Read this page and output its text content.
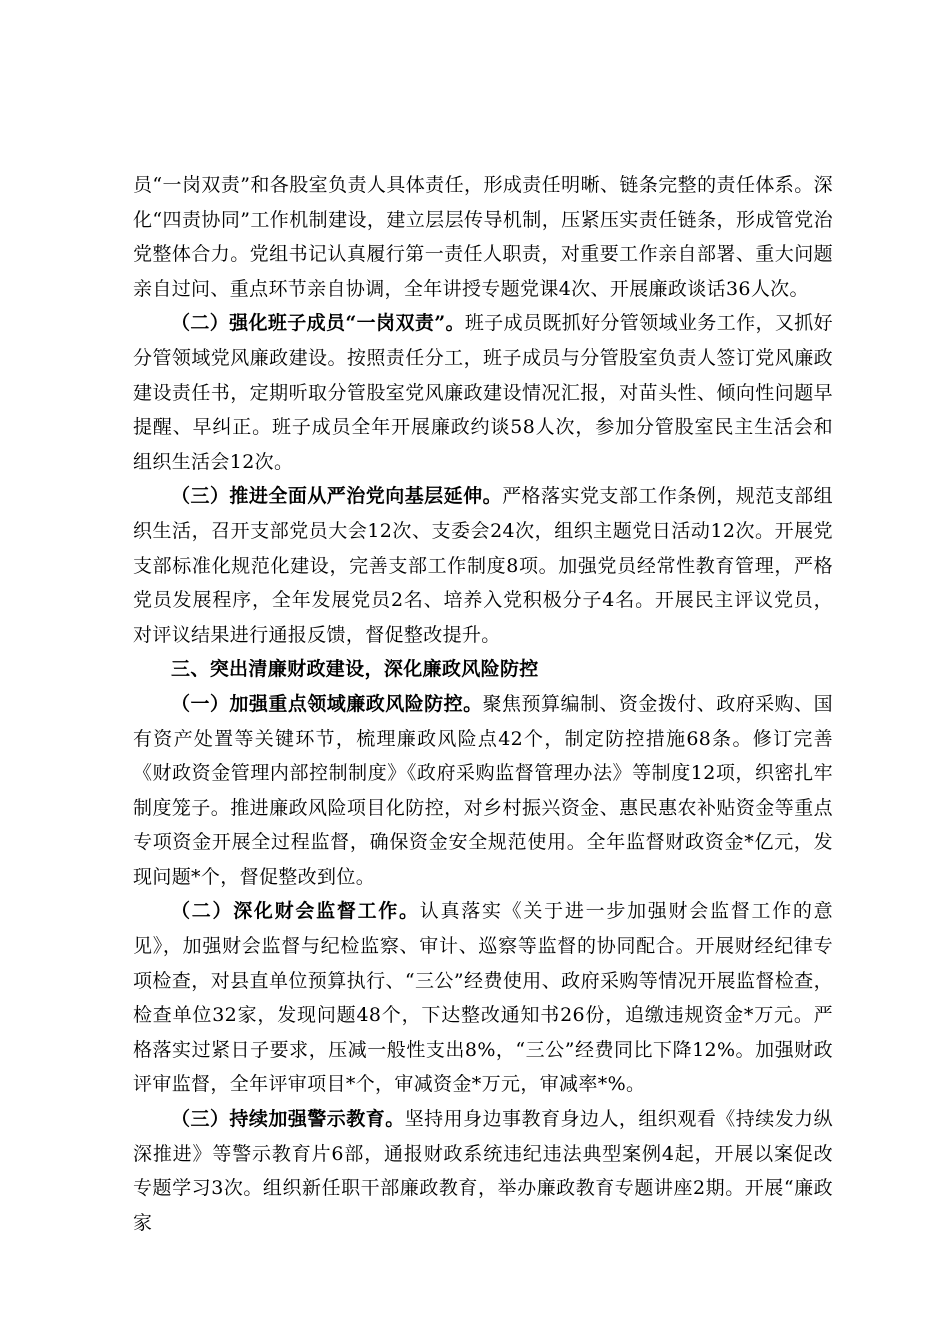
员“一岗双责”和各股室负责人具体责任，形成责任明晰、链条完整的责任体系。深化“四责协同”工作机制建设，建立层层传导机制，压紧压实责任链条，形成管党治党整体合力。党组书记认真履行第一责任人职责，对重要工作亲自部署、重大问题亲自过问、重点环节亲自协调，全年讲授专题党课4次、开展廉政谈话36人次。

（二）强化班子成员“一岗双责”。班子成员既抓好分管领域业务工作，又抓好分管领域党风廉政建设。按照责任分工，班子成员与分管股室负责人签订党风廉政建设责任书，定期听取分管股室党风廉政建设情况汇报，对苗头性、倾向性问题早提醒、早纠正。班子成员全年开展廉政约谈58人次，参加分管股室民主生活会和组织生活会12次。

（三）推进全面从严治党向基层延伸。严格落实党支部工作条例，规范支部组织生活，召开支部党员大会12次、支委会24次，组织主题党日活动12次。开展党支部标准化规范化建设，完善支部工作制度8项。加强党员经常性教育管理，严格党员发展程序，全年发展党员2名、培养入党积极分子4名。开展民主评议党员，对评议结果进行通报反馈，督促整改提升。

三、突出清廉财政建设，深化廉政风险防控

（一）加强重点领域廉政风险防控。聚焦预算编制、资金拨付、政府采购、国有资产处置等关键环节，梳理廉政风险点42个，制定防控措施68条。修订完善《财政资金管理内部控制制度》《政府采购监督管理办法》等制度12项，织密扎牢制度笼子。推进廉政风险项目化防控，对乡村振兴资金、惠民惠农补贴资金等重点专项资金开展全过程监督，确保资金安全规范使用。全年监督财政资金*亿元，发现问题*个，督促整改到位。

（二）深化财会监督工作。认真落实《关于进一步加强财会监督工作的意见》，加强财会监督与纪检监察、审计、巡察等监督的协同配合。开展财经纪律专项检查，对县直单位预算执行、“三公”经费使用、政府采购等情况开展监督检查，检查单位32家，发现问题48个，下达整改通知书26份，追缴违规资金*万元。严格落实过紧日子要求，压减一般性支出8%，“三公”经费同比下降12%。加强财政评审监督，全年评审项目*个，审减资金*万元，审减率*%。

（三）持续加强警示教育。坚持用身边事教育身边人，组织观看《持续发力纵深推进》等警示教育片6部，通报财政系统违纪违法典型案例4起，开展以案促改专题学习3次。组织新任职干部廉政教育，举办廉政教育专题讲座2期。开展“廉政家
